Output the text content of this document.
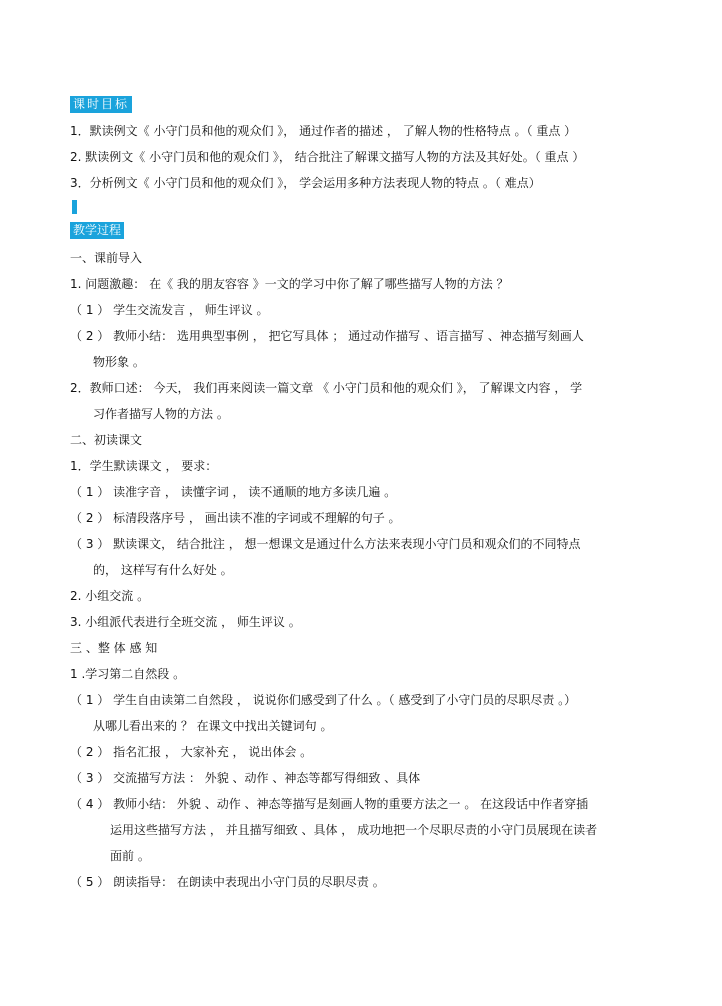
课时目标
1．默读例文《 小守门员和他的观众们 》， 通过作者的描述 ， 了解人物的性格特点 。（ 重点 ）
2. 默读例文《 小守门员和他的观众们 》， 结合批注了解课文描写人物的方法及其好处。（ 重点 ）
3．分析例文《 小守门员和他的观众们 》， 学会运用多种方法表现人物的特点 。（ 难点）
教学过程
一、课前导入
1. 问题激趣： 在《 我的朋友容容 》一文的学习中你了解了哪些描写人物的方法 ？
（ 1 ） 学生交流发言 ， 师生评议 。
（ 2 ） 教师小结： 选用典型事例 ， 把它写具体 ； 通过动作描写 、语言描写 、神态描写刻画人
物形象 。
2．教师口述： 今天， 我们再来阅读一篇文章 《 小守门员和他的观众们 》， 了解课文内容 ， 学
习作者描写人物的方法 。
二、初读课文
1．学生默读课文 ， 要求：
（ 1 ） 读准字音 ， 读懂字词 ， 读不通顺的地方多读几遍 。
（ 2 ） 标清段落序号 ， 画出读不准的字词或不理解的句子 。
（ 3 ） 默读课文， 结合批注 ， 想一想课文是通过什么方法来表现小守门员和观众们的不同特点
的， 这样写有什么好处 。
2. 小组交流 。
3. 小组派代表进行全班交流 ， 师生评议 。
三 、整 体 感 知
1 .学习第二自然段 。
（ 1 ） 学生自由读第二自然段 ， 说说你们感受到了什么 。（ 感受到了小守门员的尽职尽责 。）
从哪儿看出来的 ？ 在课文中找出关键词句 。
（ 2 ） 指名汇报 ， 大家补充 ， 说出体会 。
（ 3 ） 交流描写方法 ： 外貌 、动作 、神态等都写得细致 、具体
（ 4 ） 教师小结： 外貌 、动作 、神态等描写是刻画人物的重要方法之一 。 在这段话中作者穿插
运用这些描写方法 ， 并且描写细致 、具体 ， 成功地把一个尽职尽责的小守门员展现在读者
面前 。
（ 5 ） 朗读指导： 在朗读中表现出小守门员的尽职尽责 。
